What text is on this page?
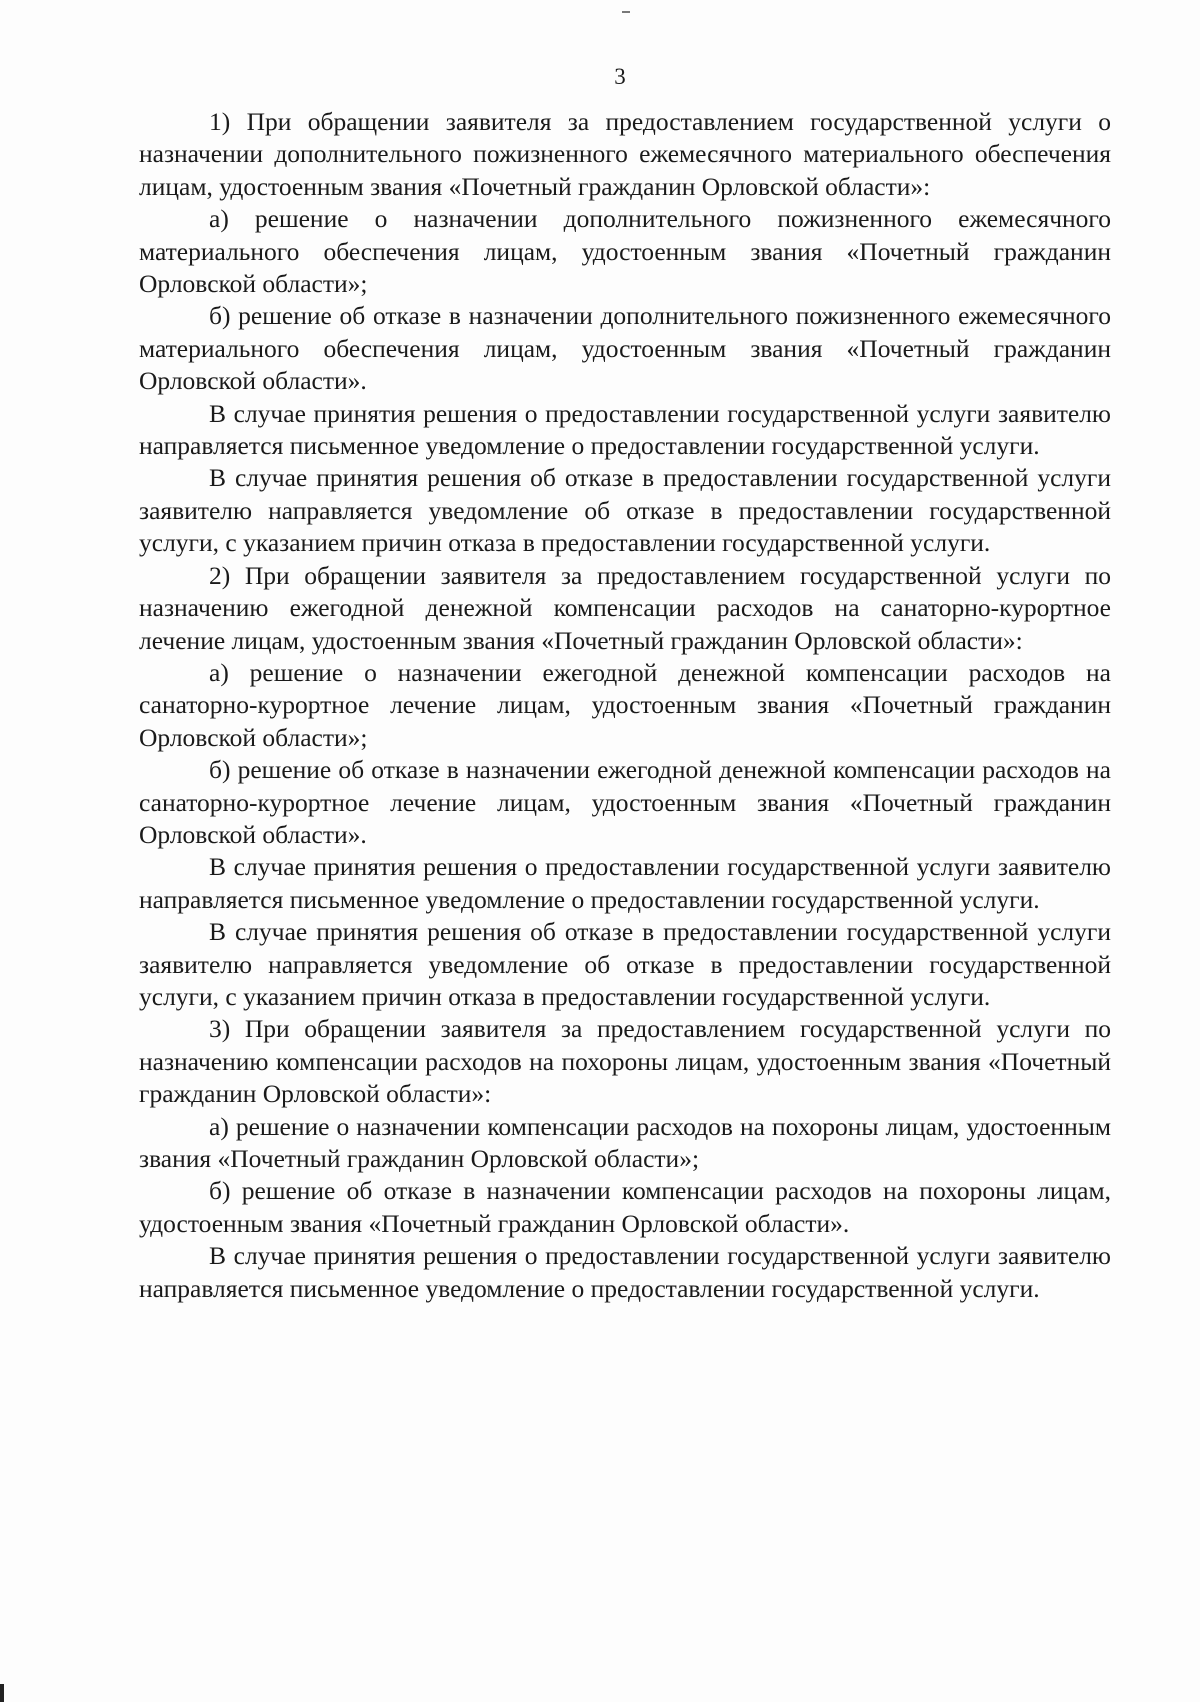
3

1) При обращении заявителя за предоставлением государственной услуги о назначении дополнительного пожизненного ежемесячного материального обеспечения лицам, удостоенным звания «Почетный гражданин Орловской области»:

а) решение о назначении дополнительного пожизненного ежемесячного материального обеспечения лицам, удостоенным звания «Почетный гражданин Орловской области»;

б) решение об отказе в назначении дополнительного пожизненного ежемесячного материального обеспечения лицам, удостоенным звания «Почетный гражданин Орловской области».

В случае принятия решения о предоставлении государственной услуги заявителю направляется письменное уведомление о предоставлении государственной услуги.

В случае принятия решения об отказе в предоставлении государственной услуги заявителю направляется уведомление об отказе в предоставлении государственной услуги, с указанием причин отказа в предоставлении государственной услуги.

2) При обращении заявителя за предоставлением государственной услуги по назначению ежегодной денежной компенсации расходов на санаторно-курортное лечение лицам, удостоенным звания «Почетный гражданин Орловской области»:

а) решение о назначении ежегодной денежной компенсации расходов на санаторно-курортное лечение лицам, удостоенным звания «Почетный гражданин Орловской области»;

б) решение об отказе в назначении ежегодной денежной компенсации расходов на санаторно-курортное лечение лицам, удостоенным звания «Почетный гражданин Орловской области».

В случае принятия решения о предоставлении государственной услуги заявителю направляется письменное уведомление о предоставлении государственной услуги.

В случае принятия решения об отказе в предоставлении государственной услуги заявителю направляется уведомление об отказе в предоставлении государственной услуги, с указанием причин отказа в предоставлении государственной услуги.

3) При обращении заявителя за предоставлением государственной услуги по назначению компенсации расходов на похороны лицам, удостоенным звания «Почетный гражданин Орловской области»:

а) решение о назначении компенсации расходов на похороны лицам, удостоенным звания «Почетный гражданин Орловской области»;

б) решение об отказе в назначении компенсации расходов на похороны лицам, удостоенным звания «Почетный гражданин Орловской области».

В случае принятия решения о предоставлении государственной услуги заявителю направляется письменное уведомление о предоставлении государственной услуги.
